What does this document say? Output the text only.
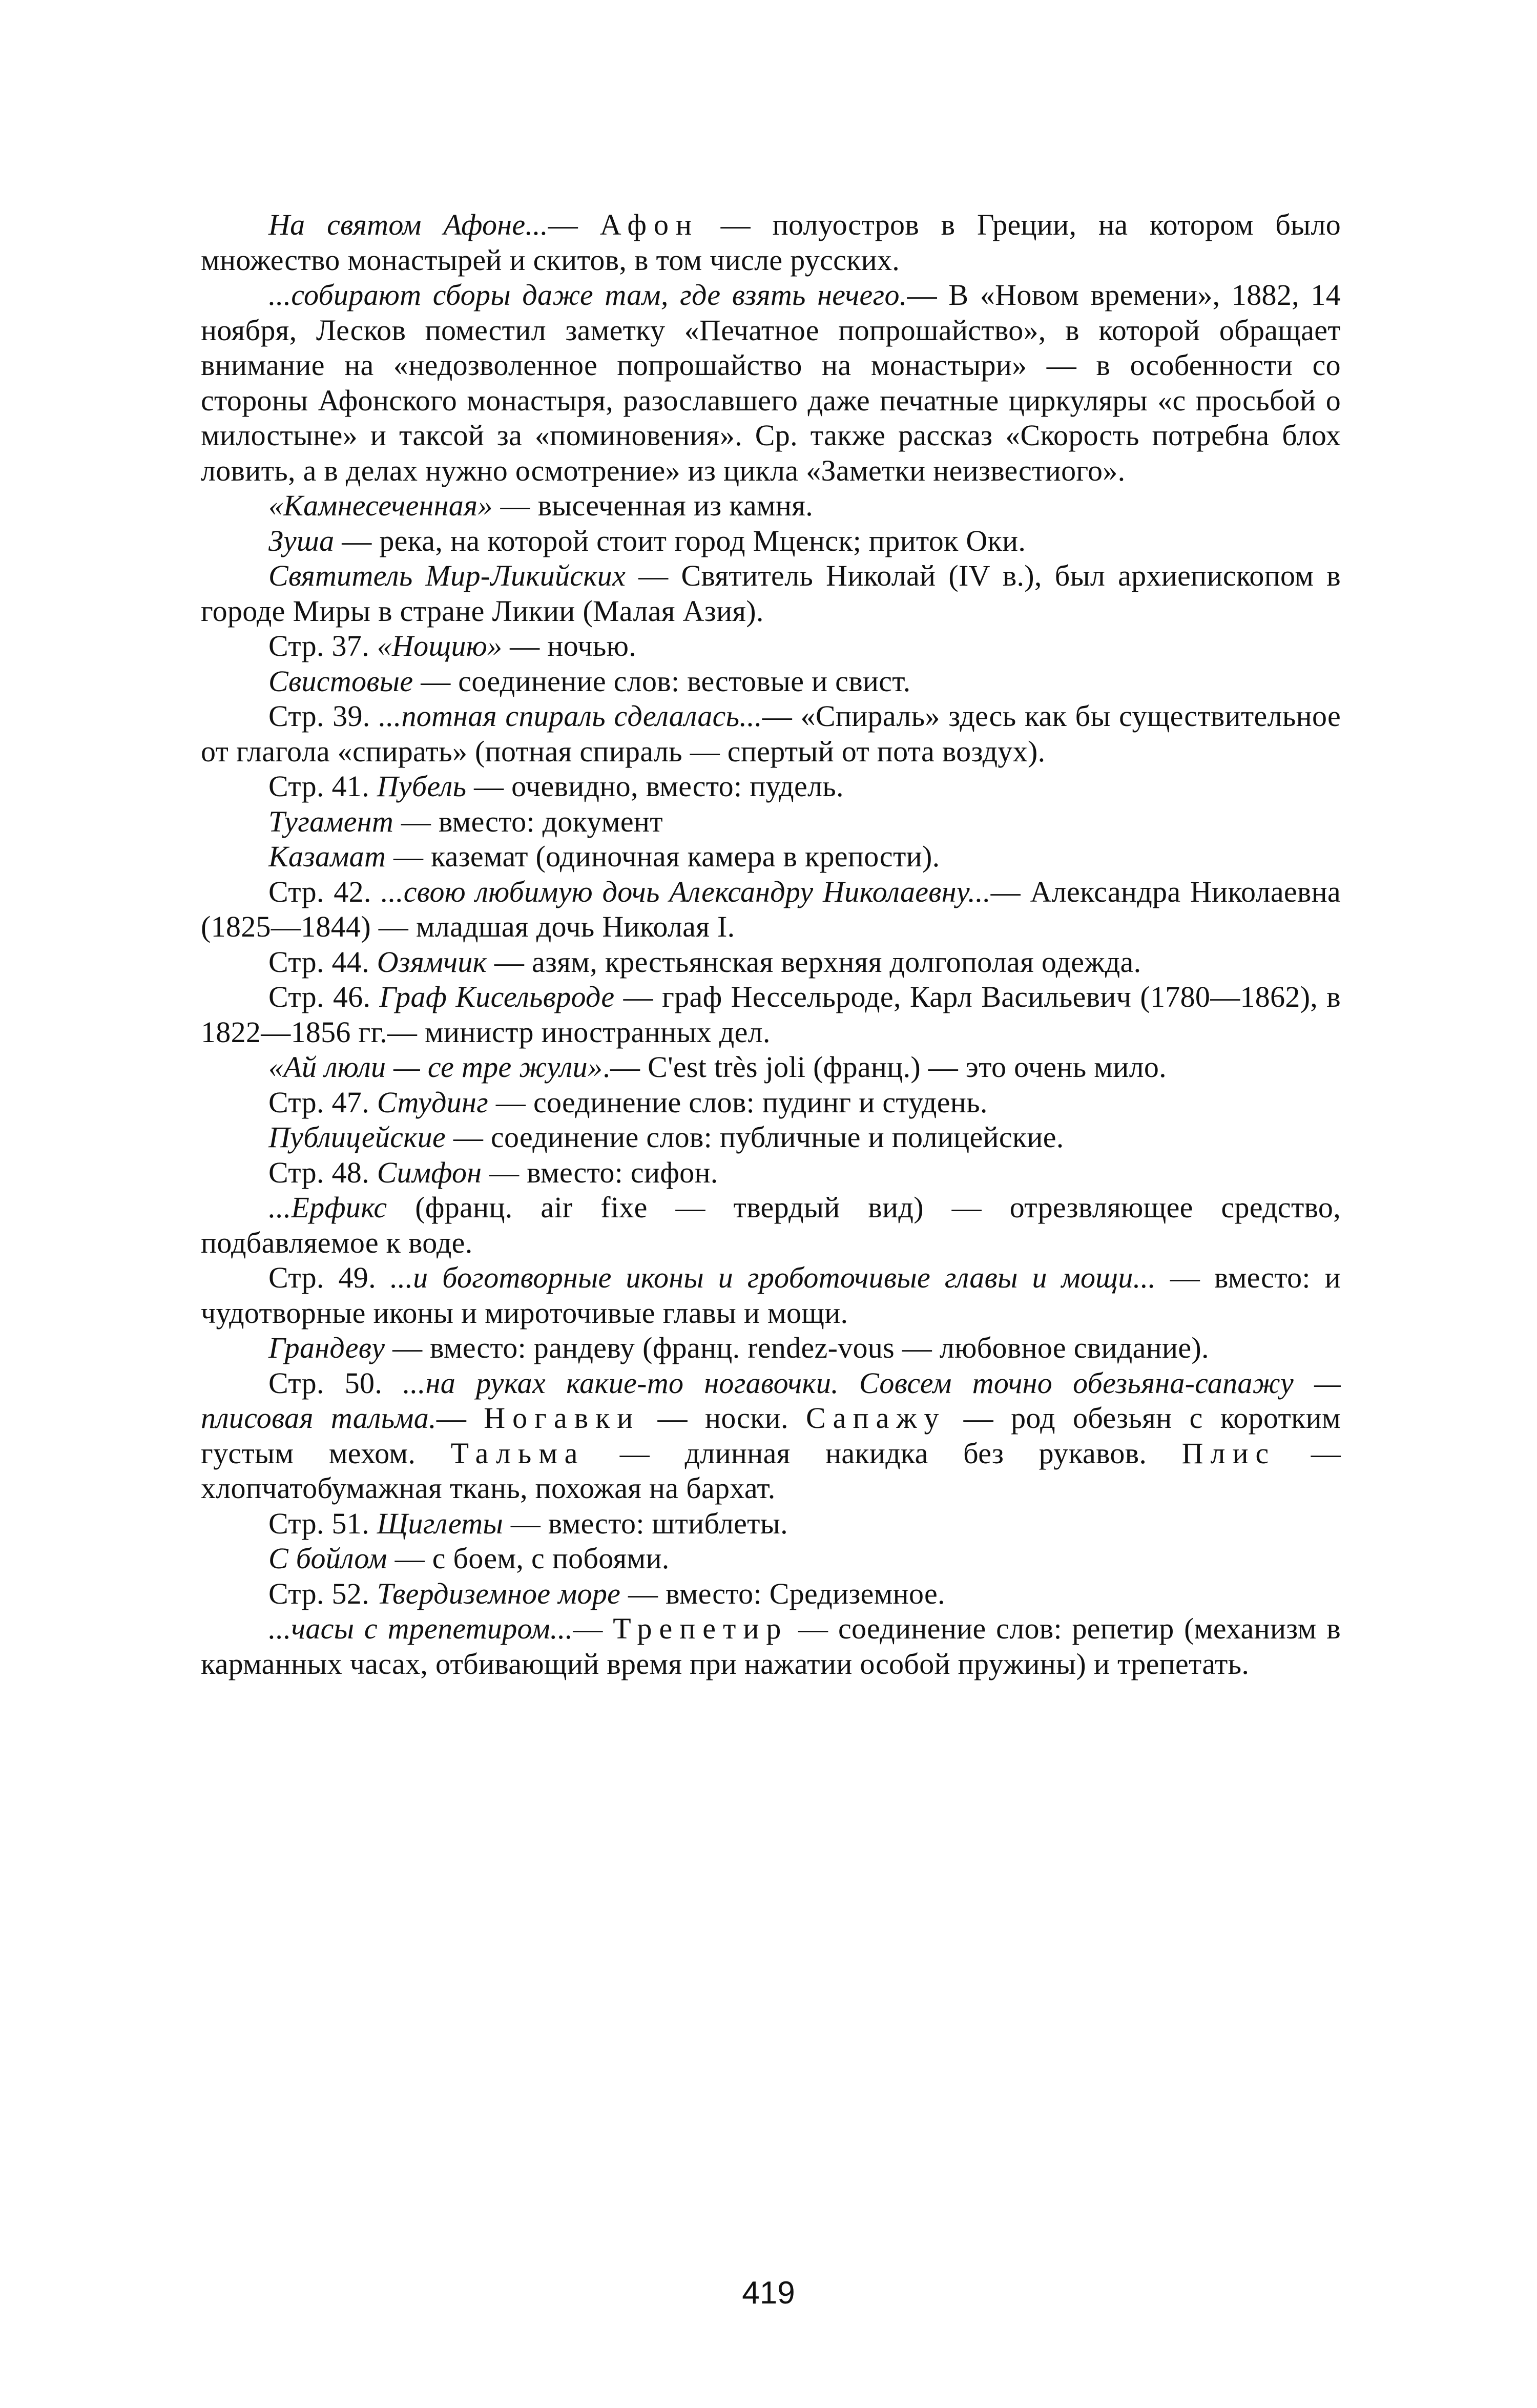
На святом Афоне...— Афон — полуостров в Греции, на котором было множество монастырей и скитов, в том числе русских.

...собирают сборы даже там, где взять нечего.— В «Новом времени», 1882, 14 ноября, Лесков поместил заметку «Печатное попрошайство», в которой обращает внимание на «недозволенное попрошайство на монастыри» — в особенности со стороны Афонского монастыря, разославшего даже печатные циркуляры «с просьбой о милостыне» и таксой за «поминовения». Ср. также рассказ «Скорость потребна блох ловить, а в делах нужно осмотрение» из цикла «Заметки неизвестиого».

«Камнесеченная» — высеченная из камня.

Зуша — река, на которой стоит город Мценск; приток Оки.

Святитель Мир-Ликийских — Святитель Николай (IV в.), был архиепископом в городе Миры в стране Ликии (Малая Азия).

Стр. 37. «Нощию» — ночью.

Свистовые — соединение слов: вестовые и свист.

Стр. 39. ...потная спираль сделалась...— «Спираль» здесь как бы существительное от глагола «спирать» (потная спираль — спертый от пота воздух).

Стр. 41. Пубель — очевидно, вместо: пудель.

Тугамент — вместо: документ

Казамат — каземат (одиночная камера в крепости).

Стр. 42. ...свою любимую дочь Александру Николаевну...— Александра Николаевна (1825—1844) — младшая дочь Николая I.

Стр. 44. Озямчик — азям, крестьянская верхняя долгополая одежда.

Стр. 46. Граф Кисельвроде — граф Нессельроде, Карл Васильевич (1780—1862), в 1822—1856 гг.— министр иностранных дел.

«Ай люли — се тре жули».— C'est très joli (франц.) — это очень мило.

Стр. 47. Студинг — соединение слов: пудинг и студень.

Публицейские — соединение слов: публичные и полицейские.

Стр. 48. Симфон — вместо: сифон.

...Ерфикс (франц. air fixe — твердый вид) — отрезвляющее средство, подбавляемое к воде.

Стр. 49. ...и боготворные иконы и гроботочивые главы и мощи... — вместо: и чудотворные иконы и мироточивые главы и мощи.

Грандеву — вместо: рандеву (франц. rendez-vous — любовное свидание).

Стр. 50. ...на руках какие-то ногавочки. Совсем точно обезьяна-сапажу — плисовая тальма.— Ногавки — носки. Сапажу — род обезьян с коротким густым мехом. Тальма — длинная накидка без рукавов. Плис — хлопчатобумажная ткань, похожая на бархат.

Стр. 51. Щиглеты — вместо: штиблеты.

С бойлом — с боем, с побоями.

Стр. 52. Твердиземное море — вместо: Средиземное.

...часы с трепетиром...— Трепетир — соединение слов: репетир (механизм в карманных часах, отбивающий время при нажатии особой пружины) и трепетать.

419
